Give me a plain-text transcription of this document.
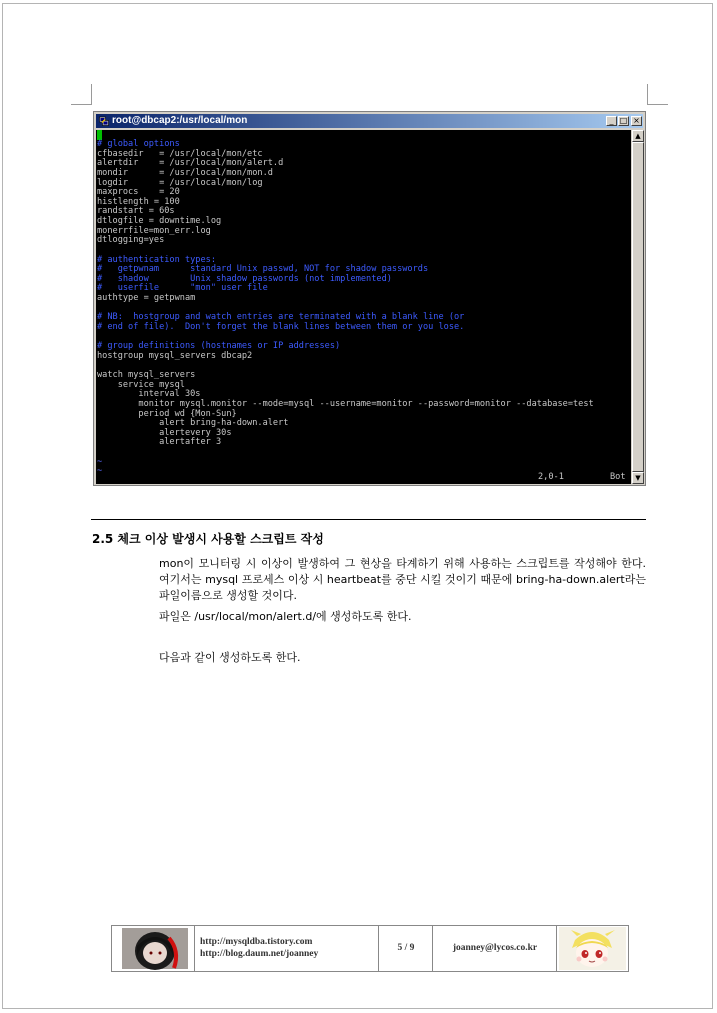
root@dbcap2:/usr/local/mon	_ □ ×
# global options
cfbasedir   = /usr/local/mon/etc
alertdir    = /usr/local/mon/alert.d
mondir      = /usr/local/mon/mon.d
logdir      = /usr/local/mon/log
maxprocs    = 20
histlength = 100
randstart = 60s
dtlogfile = downtime.log
monerrfile=mon_err.log
dtlogging=yes

# authentication types:
#   getpwnam      standard Unix passwd, NOT for shadow passwords
#   shadow        Unix shadow passwords (not implemented)
#   userfile      "mon" user file
authtype = getpwnam

# NB:  hostgroup and watch entries are terminated with a blank line (or
# end of file).  Don't forget the blank lines between them or you lose.

# group definitions (hostnames or IP addresses)
hostgroup mysql_servers dbcap2

watch mysql_servers
service mysql
interval 30s
monitor mysql.monitor --mode=mysql --username=monitor --password=monitor --database=test
period wd {Mon-Sun}
alert bring-ha-down.alert
alertevery 30s
alertafter 3

~
~

2,0-1	Bot
▲
▼
2.5 체크 이상 발생시 사용할 스크립트 작성
mon이 모니터링 시 이상이 발생하여 그 현상을 타계하기 위해 사용하는 스크립트를 작성해야 한다. 여기서는 mysql 프로세스 이상 시 heartbeat를 중단 시킬 것이기 때문에 bring-ha-down.alert라는 파일이름으로 생성할 것이다.
파일은 /usr/local/mon/alert.d/에 생성하도록 한다.
다음과 같이 생성하도록 한다.
http://mysqldba.tistory.com
http://blog.daum.net/joanney
5 / 9	joanney@lycos.co.kr
